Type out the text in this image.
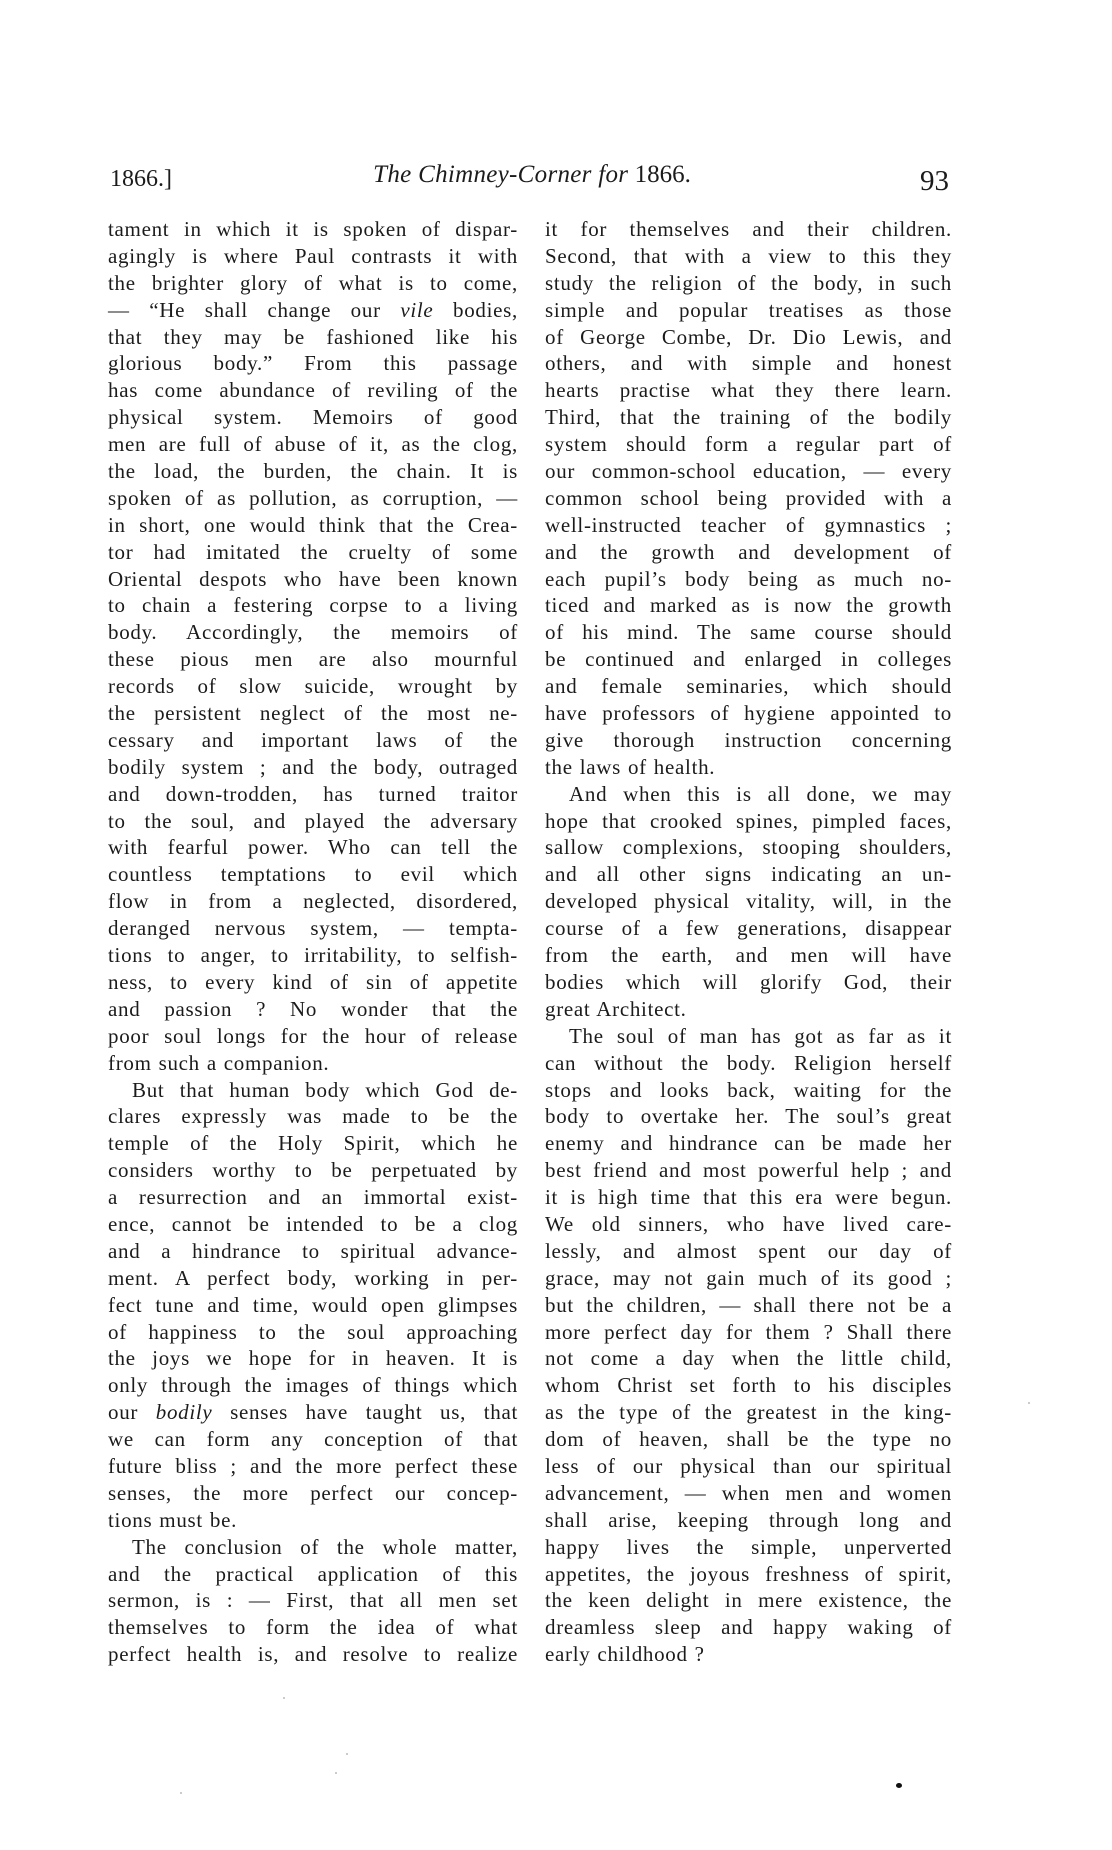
1866.]	The Chimney-Corner for 1866.	93
tament in which it is spoken of dispar-
agingly is where Paul contrasts it with
the brighter glory of what is to come,
— “He shall change our vile bodies,
that they may be fashioned like his
glorious body.” From this passage
has come abundance of reviling of the
physical system. Memoirs of good
men are full of abuse of it, as the clog,
the load, the burden, the chain. It is
spoken of as pollution, as corruption, —
in short, one would think that the Crea-
tor had imitated the cruelty of some
Oriental despots who have been known
to chain a festering corpse to a living
body. Accordingly, the memoirs of
these pious men are also mournful
records of slow suicide, wrought by
the persistent neglect of the most ne-
cessary and important laws of the
bodily system ; and the body, outraged
and down-trodden, has turned traitor
to the soul, and played the adversary
with fearful power. Who can tell the
countless temptations to evil which
flow in from a neglected, disordered,
deranged nervous system, — tempta-
tions to anger, to irritability, to selfish-
ness, to every kind of sin of appetite
and passion ? No wonder that the
poor soul longs for the hour of release
from such a companion.
But that human body which God de-
clares expressly was made to be the
temple of the Holy Spirit, which he
considers worthy to be perpetuated by
a resurrection and an immortal exist-
ence, cannot be intended to be a clog
and a hindrance to spiritual advance-
ment. A perfect body, working in per-
fect tune and time, would open glimpses
of happiness to the soul approaching
the joys we hope for in heaven. It is
only through the images of things which
our bodily senses have taught us, that
we can form any conception of that
future bliss ; and the more perfect these
senses, the more perfect our concep-
tions must be.
The conclusion of the whole matter,
and the practical application of this
sermon, is : — First, that all men set
themselves to form the idea of what
perfect health is, and resolve to realize
it for themselves and their children.
Second, that with a view to this they
study the religion of the body, in such
simple and popular treatises as those
of George Combe, Dr. Dio Lewis, and
others, and with simple and honest
hearts practise what they there learn.
Third, that the training of the bodily
system should form a regular part of
our common-school education, — every
common school being provided with a
well-instructed teacher of gymnastics ;
and the growth and development of
each pupil’s body being as much no-
ticed and marked as is now the growth
of his mind. The same course should
be continued and enlarged in colleges
and female seminaries, which should
have professors of hygiene appointed to
give thorough instruction concerning
the laws of health.
And when this is all done, we may
hope that crooked spines, pimpled faces,
sallow complexions, stooping shoulders,
and all other signs indicating an un-
developed physical vitality, will, in the
course of a few generations, disappear
from the earth, and men will have
bodies which will glorify God, their
great Architect.
The soul of man has got as far as it
can without the body. Religion herself
stops and looks back, waiting for the
body to overtake her. The soul’s great
enemy and hindrance can be made her
best friend and most powerful help ; and
it is high time that this era were begun.
We old sinners, who have lived care-
lessly, and almost spent our day of
grace, may not gain much of its good ;
but the children, — shall there not be a
more perfect day for them ? Shall there
not come a day when the little child,
whom Christ set forth to his disciples
as the type of the greatest in the king-
dom of heaven, shall be the type no
less of our physical than our spiritual
advancement, — when men and women
shall arise, keeping through long and
happy lives the simple, unperverted
appetites, the joyous freshness of spirit,
the keen delight in mere existence, the
dreamless sleep and happy waking of
early childhood ?
